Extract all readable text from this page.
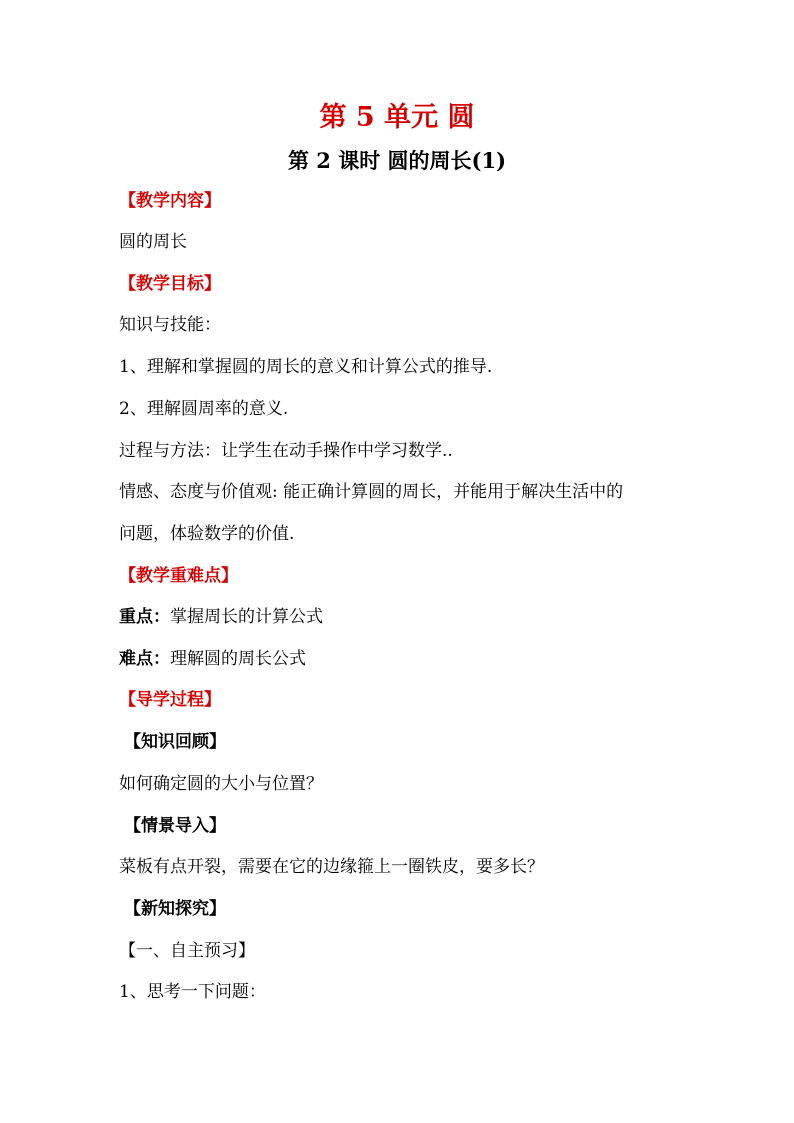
第 5 单元 圆
第 2 课时 圆的周长(1)
【教学内容】
圆的周长
【教学目标】
知识与技能：
1、理解和掌握圆的周长的意义和计算公式的推导.
2、理解圆周率的意义.
过程与方法：让学生在动手操作中学习数学..
情感、态度与价值观: 能正确计算圆的周长，并能用于解决生活中的
问题，体验数学的价值.
【教学重难点】
重点：掌握周长的计算公式
难点：理解圆的周长公式
【导学过程】
【知识回顾】
如何确定圆的大小与位置？
【情景导入】
菜板有点开裂，需要在它的边缘箍上一圈铁皮，要多长？
【新知探究】
【一、自主预习】
1、思考一下问题：
